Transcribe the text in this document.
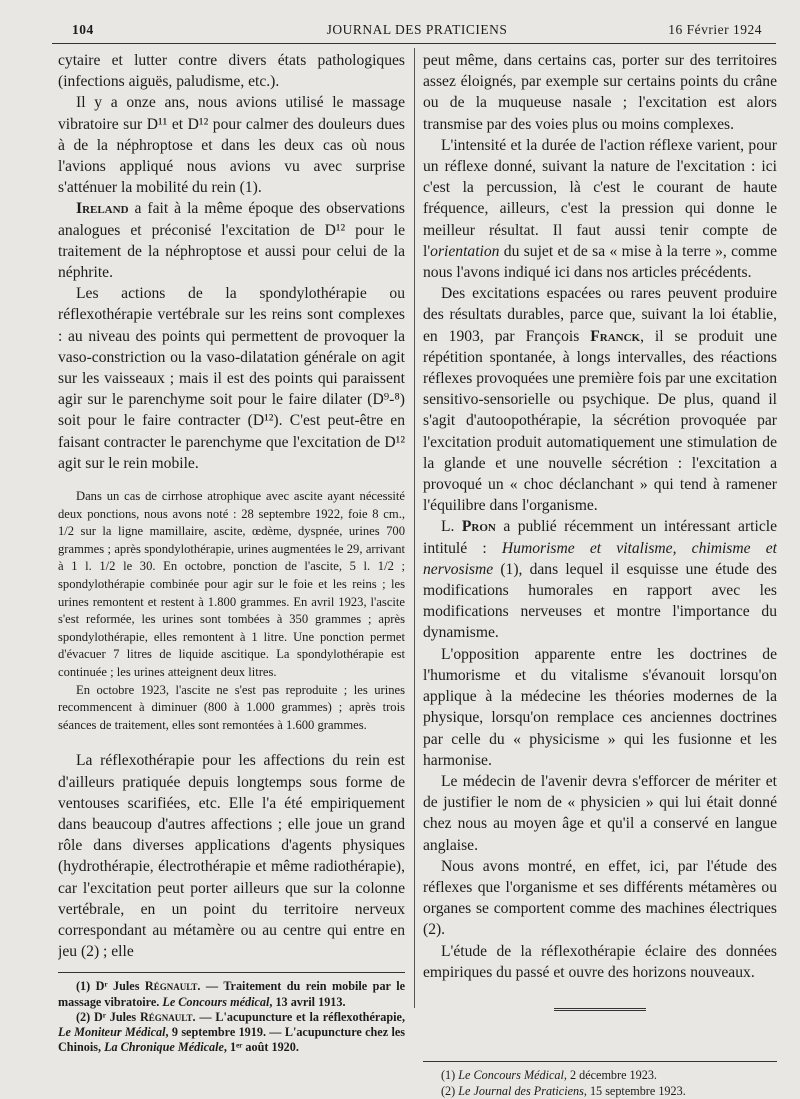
104	JOURNAL DES PRATICIENS	16 Février 1924

cytaire et lutter contre divers états pathologiques (infections aiguës, paludisme, etc.).

Il y a onze ans, nous avions utilisé le massage vibratoire sur D¹¹ et D¹² pour calmer des douleurs dues à de la néphroptose et dans les deux cas où nous l'avions appliqué nous avions vu avec surprise s'atténuer la mobilité du rein (1).

Ireland a fait à la même époque des observations analogues et préconisé l'excitation de D¹² pour le traitement de la néphroptose et aussi pour celui de la néphrite.

Les actions de la spondylothérapie ou réflexothérapie vertébrale sur les reins sont complexes : au niveau des points qui permettent de provoquer la vaso-constriction ou la vaso-dilatation générale on agit sur les vaisseaux ; mais il est des points qui paraissent agir sur le parenchyme soit pour le faire dilater (D⁹-⁸) soit pour le faire contracter (D¹²). C'est peut-être en faisant contracter le parenchyme que l'excitation de D¹² agit sur le rein mobile.

Dans un cas de cirrhose atrophique avec ascite ayant nécessité deux ponctions, nous avons noté : 28 septembre 1922, foie 8 cm., 1/2 sur la ligne mamillaire, ascite, œdème, dyspnée, urines 700 grammes ; après spondylothérapie, urines augmentées le 29, arrivant à 1 l. 1/2 le 30. En octobre, ponction de l'ascite, 5 l. 1/2 ; spondylothérapie combinée pour agir sur le foie et les reins ; les urines remontent et restent à 1.800 grammes. En avril 1923, l'ascite s'est reformée, les urines sont tombées à 350 grammes ; après spondylothérapie, elles remontent à 1 litre. Une ponction permet d'évacuer 7 litres de liquide ascitique. La spondylothérapie est continuée ; les urines atteignent deux litres.

En octobre 1923, l'ascite ne s'est pas reproduite ; les urines recommencent à diminuer (800 à 1.000 grammes) ; après trois séances de traitement, elles sont remontées à 1.600 grammes.

La réflexothérapie pour les affections du rein est d'ailleurs pratiquée depuis longtemps sous forme de ventouses scarifiées, etc. Elle l'a été empiriquement dans beaucoup d'autres affections ; elle joue un grand rôle dans diverses applications d'agents physiques (hydrothérapie, électrothérapie et même radiothérapie), car l'excitation peut porter ailleurs que sur la colonne vertébrale, en un point du territoire nerveux correspondant au métamère ou au centre qui entre en jeu (2) ; elle

(1) Dʳ Jules Régnault. — Traitement du rein mobile par le massage vibratoire. Le Concours médical, 13 avril 1913.

(2) Dʳ Jules Régnault. — L'acupuncture et la réflexothérapie, Le Moniteur Médical, 9 septembre 1919. — L'acupuncture chez les Chinois, La Chronique Médicale, 1ᵉʳ août 1920.

peut même, dans certains cas, porter sur des territoires assez éloignés, par exemple sur certains points du crâne ou de la muqueuse nasale ; l'excitation est alors transmise par des voies plus ou moins complexes.

L'intensité et la durée de l'action réflexe varient, pour un réflexe donné, suivant la nature de l'excitation : ici c'est la percussion, là c'est le courant de haute fréquence, ailleurs, c'est la pression qui donne le meilleur résultat. Il faut aussi tenir compte de l'orientation du sujet et de sa « mise à la terre », comme nous l'avons indiqué ici dans nos articles précédents.

Des excitations espacées ou rares peuvent produire des résultats durables, parce que, suivant la loi établie, en 1903, par François Franck, il se produit une répétition spontanée, à longs intervalles, des réactions réflexes provoquées une première fois par une excitation sensitivo-sensorielle ou psychique. De plus, quand il s'agit d'autoopothérapie, la sécrétion provoquée par l'excitation produit automatiquement une stimulation de la glande et une nouvelle sécrétion : l'excitation a provoqué un « choc déclanchant » qui tend à ramener l'équilibre dans l'organisme.

L. Pron a publié récemment un intéressant article intitulé : Humorisme et vitalisme, chimisme et nervosisme (1), dans lequel il esquisse une étude des modifications humorales en rapport avec les modifications nerveuses et montre l'importance du dynamisme.

L'opposition apparente entre les doctrines de l'humorisme et du vitalisme s'évanouit lorsqu'on applique à la médecine les théories modernes de la physique, lorsqu'on remplace ces anciennes doctrines par celle du « physicisme » qui les fusionne et les harmonise.

Le médecin de l'avenir devra s'efforcer de mériter et de justifier le nom de « physicien » qui lui était donné chez nous au moyen âge et qu'il a conservé en langue anglaise.

Nous avons montré, en effet, ici, par l'étude des réflexes que l'organisme et ses différents métamères ou organes se comportent comme des machines électriques (2).

L'étude de la réflexothérapie éclaire des données empiriques du passé et ouvre des horizons nouveaux.

(1) Le Concours Médical, 2 décembre 1923.

(2) Le Journal des Praticiens, 15 septembre 1923.
